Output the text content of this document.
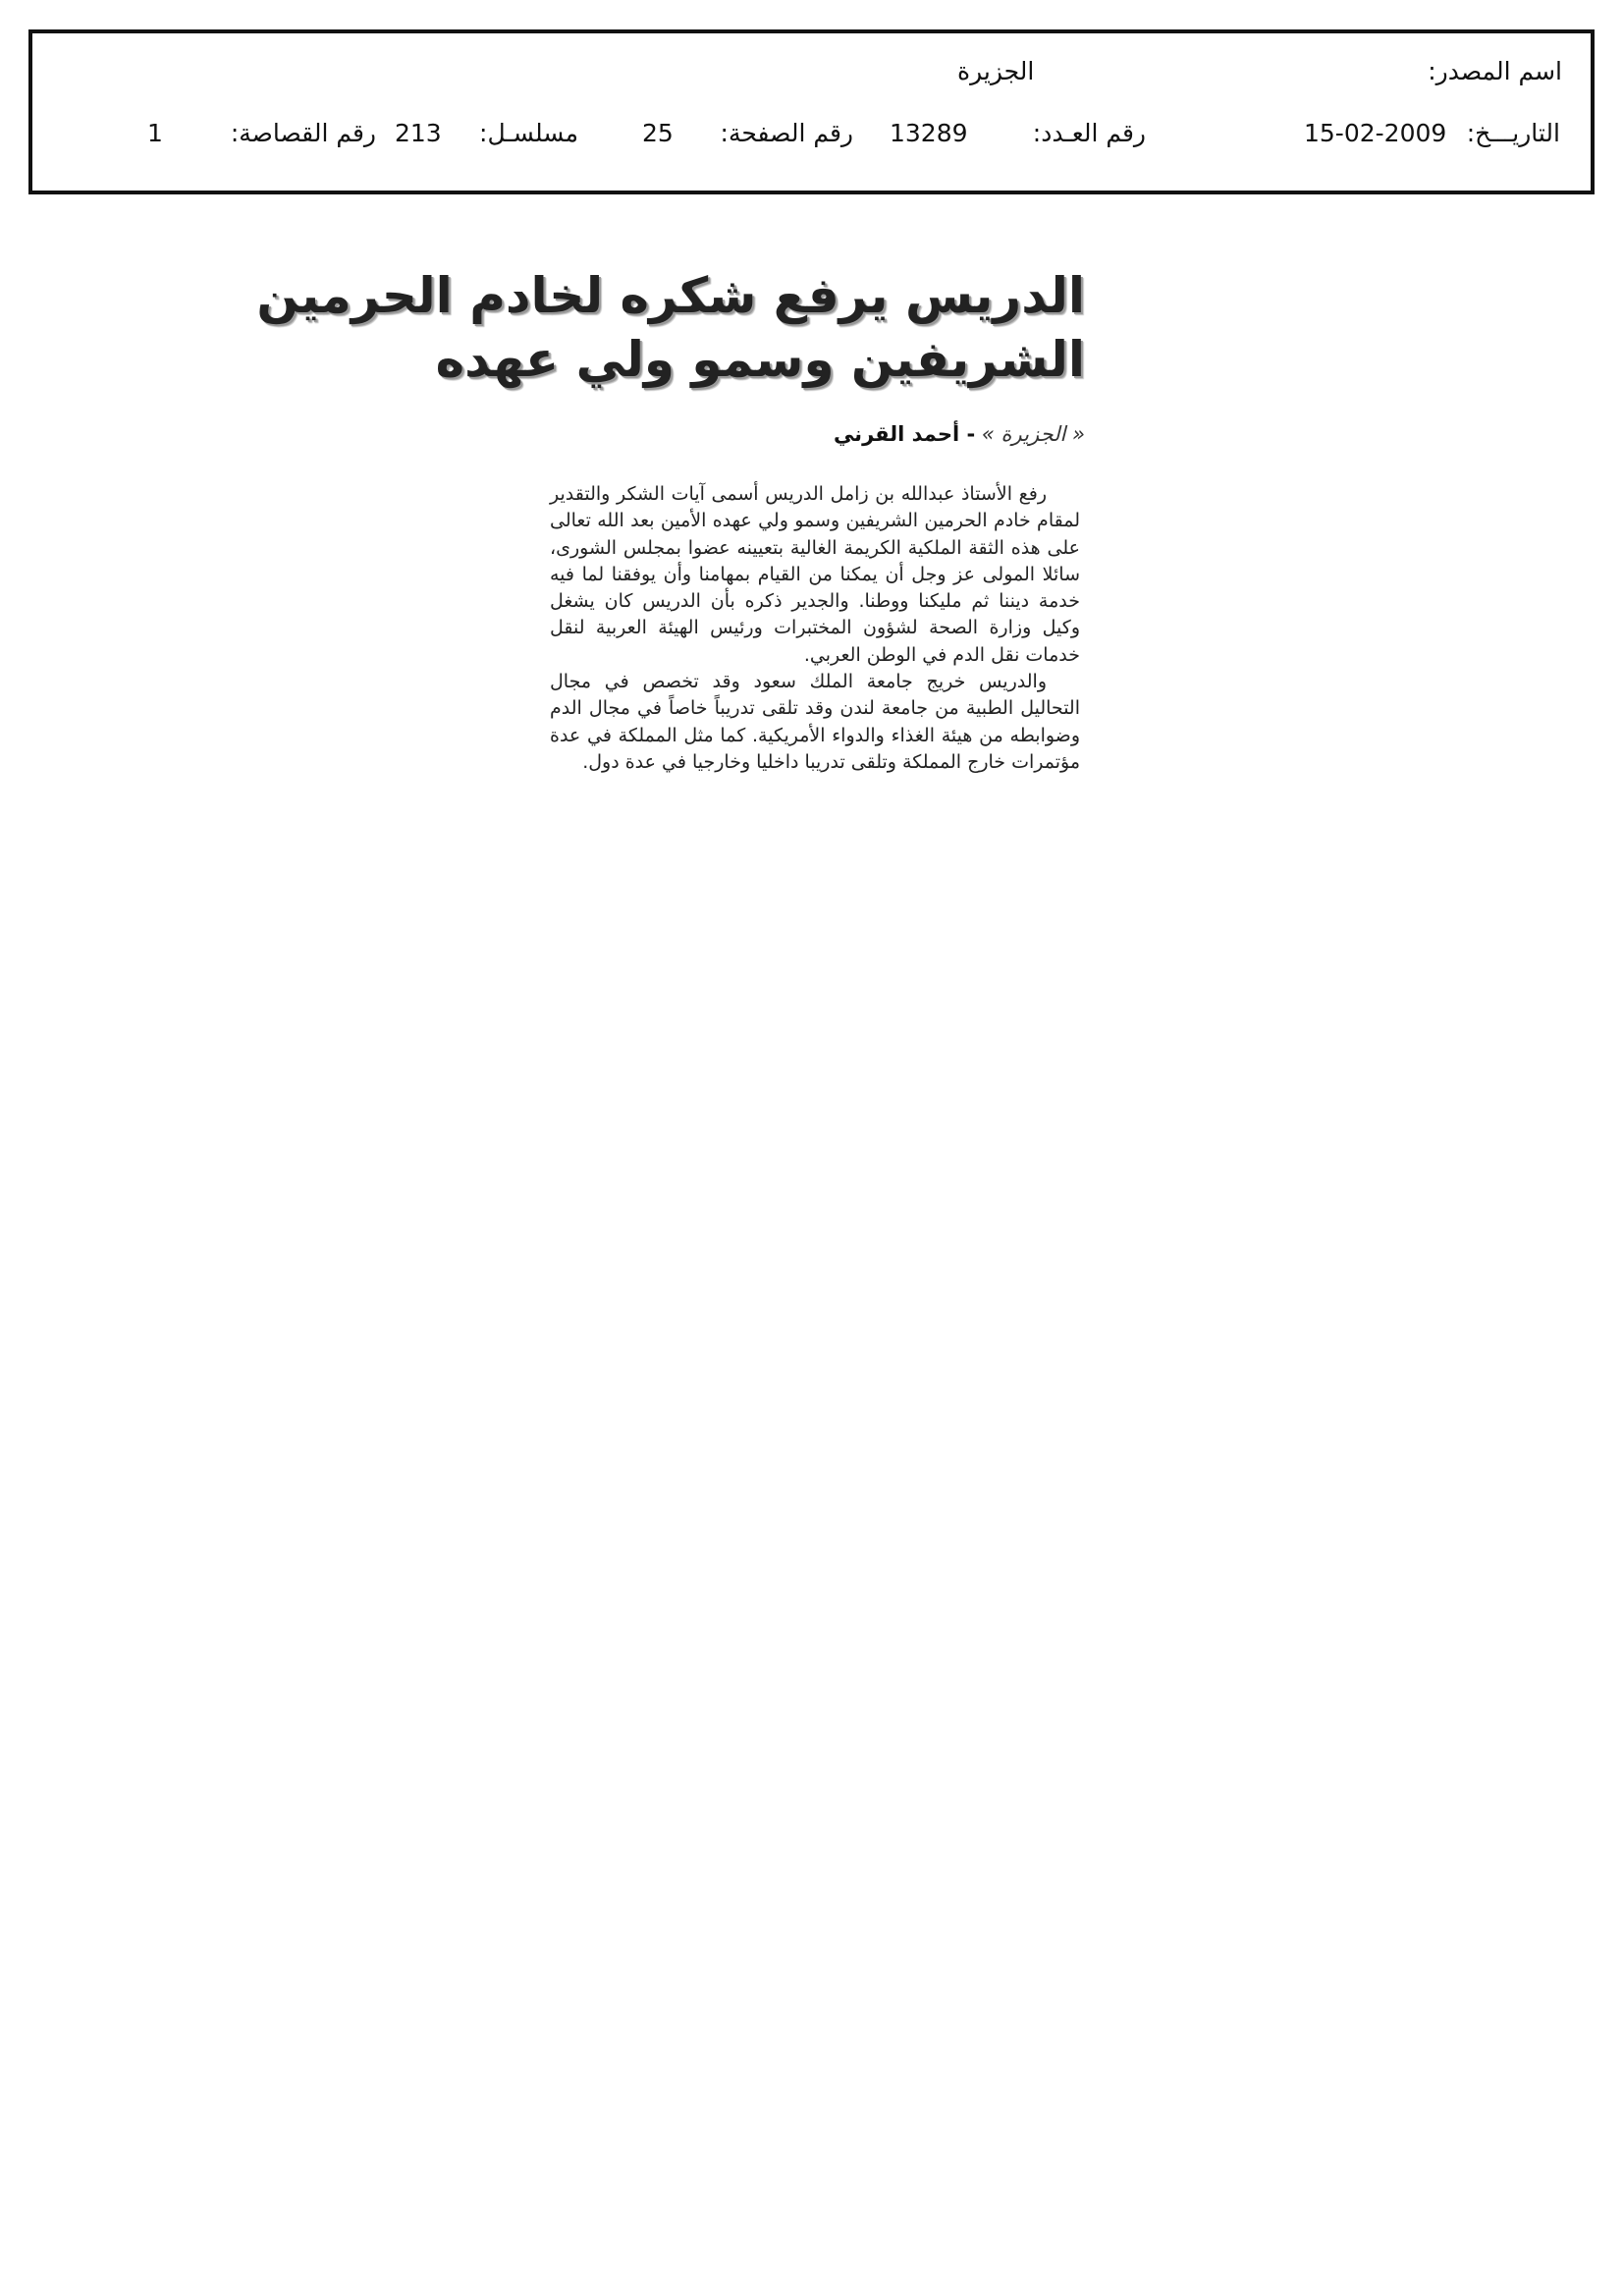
اسم المصدر:
الجزيرة
التاريـــخ:
15-02-2009
رقم العـدد:
13289
رقم الصفحة:
25
مسلسـل:
213
رقم القصاصة:
1
الدريس يرفع شكره لخادم الحرمين
الشريفين وسمو ولي عهده
« الجزيرة » - أحمد القرني

رفع الأستاذ عبدالله بن زامل الدريس أسمى آيات الشكر والتقدير لمقام خادم الحرمين الشريفين وسمو ولي عهده الأمين بعد الله تعالى على هذه الثقة الملكية الكريمة الغالية بتعيينه عضوا بمجلس الشورى، سائلا المولى عز وجل أن يمكنا من القيام بمهامنا وأن يوفقنا لما فيه خدمة ديننا ثم مليكنا ووطنا. والجدير ذكره بأن الدريس كان يشغل وكيل وزارة الصحة لشؤون المختبرات ورئيس الهيئة العربية لنقل خدمات نقل الدم في الوطن العربي.

والدريس خريج جامعة الملك سعود وقد تخصص في مجال التحاليل الطبية من جامعة لندن وقد تلقى تدريباً خاصاً في مجال الدم وضوابطه من هيئة الغذاء والدواء الأمريكية. كما مثل المملكة في عدة مؤتمرات خارج المملكة وتلقى تدريبا داخليا وخارجيا في عدة دول.
